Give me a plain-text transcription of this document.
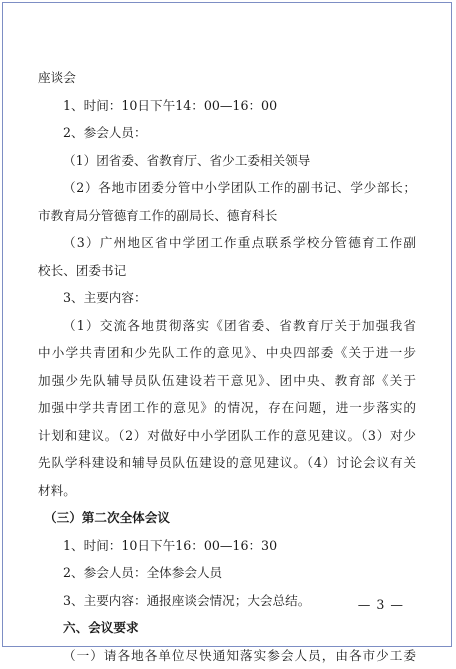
座谈会
1、时间：10日下午14：00—16：00
2、参会人员：
（1）团省委、省教育厅、省少工委相关领导
（2）各地市团委分管中小学团队工作的副书记、学少部长；
市教育局分管德育工作的副局长、德育科长
（3）广州地区省中学团工作重点联系学校分管德育工作副
校长、团委书记
3、主要内容：
（1）交流各地贯彻落实《团省委、省教育厅关于加强我省
中小学共青团和少先队工作的意见》、中央四部委《关于进一步
加强少先队辅导员队伍建设若干意见》、团中央、教育部《关于
加强中学共青团工作的意见》的情况，存在问题，进一步落实的
计划和建议。（2）对做好中小学团队工作的意见建议。（3）对少
先队学科建设和辅导员队伍建设的意见建议。（4）讨论会议有关
材料。
（三）第二次全体会议
1、时间：10日下午16：00—16：30
2、参会人员：全体参会人员
3、主要内容：通报座谈会情况；大会总结。
六、会议要求
（一）请各地各单位尽快通知落实参会人员，由各市少工委
— 3 —
